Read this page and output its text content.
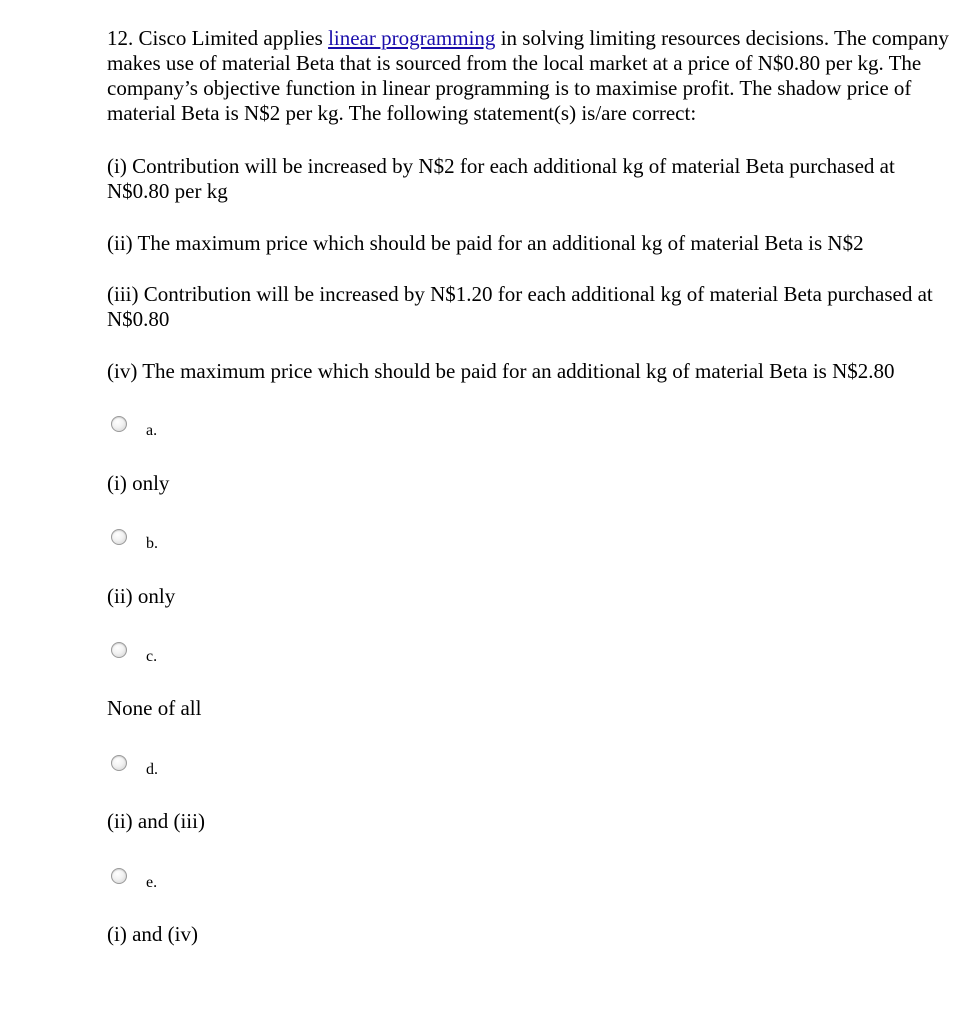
12. Cisco Limited applies linear programming in solving limiting resources decisions. The company makes use of material Beta that is sourced from the local market at a price of N$0.80 per kg. The company’s objective function in linear programming is to maximise profit. The shadow price of material Beta is N$2 per kg. The following statement(s) is/are correct:

(i) Contribution will be increased by N$2 for each additional kg of material Beta purchased at N$0.80 per kg

(ii) The maximum price which should be paid for an additional kg of material Beta is N$2

(iii) Contribution will be increased by N$1.20 for each additional kg of material Beta purchased at N$0.80

(iv) The maximum price which should be paid for an additional kg of material Beta is N$2.80

a.
(i) only
b.
(ii) only
c.
None of all
d.
(ii) and (iii)
e.
(i) and (iv)
